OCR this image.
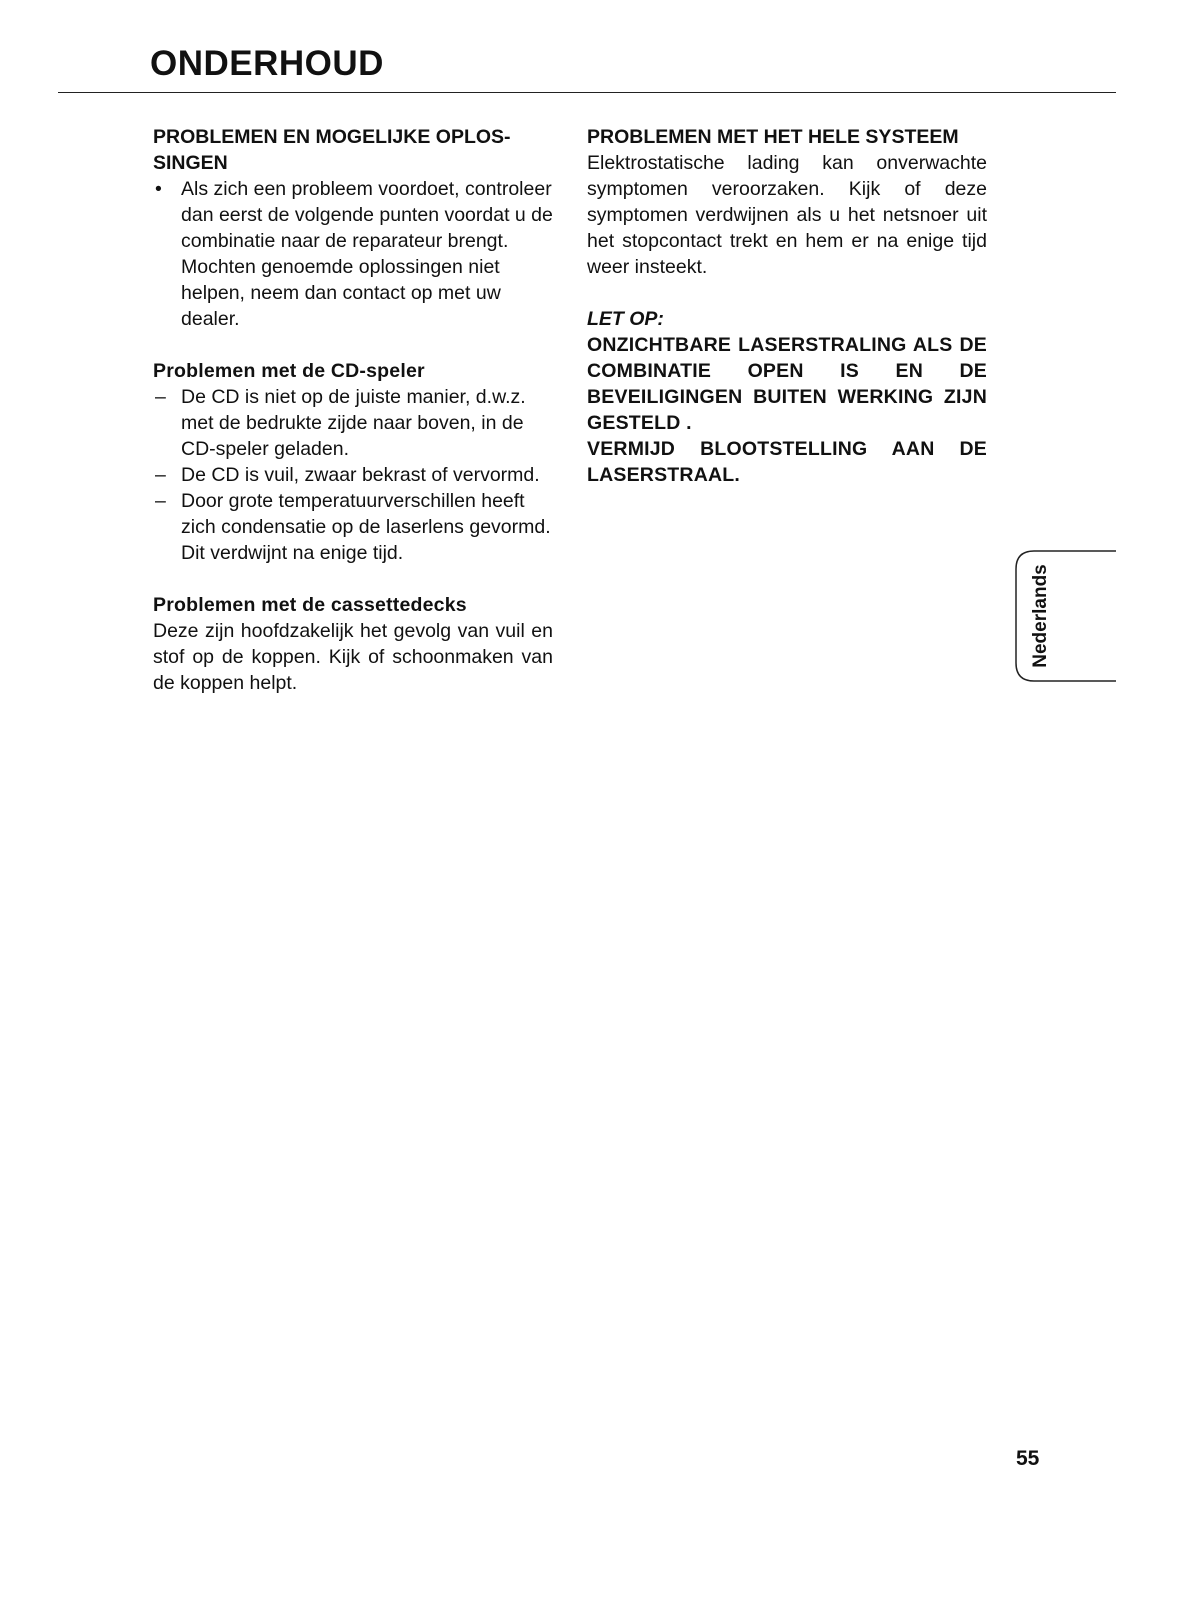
ONDERHOUD

PROBLEMEN EN MOGELIJKE OPLOS-
SINGEN

• Als zich een probleem voordoet, controleer dan eerst de volgende punten voordat u de combinatie naar de reparateur brengt. Mochten genoemde oplossingen niet helpen, neem dan contact op met uw dealer.

Problemen met de CD-speler

– De CD is niet op de juiste manier, d.w.z. met de bedrukte zijde naar boven, in de CD-speler geladen.
– De CD is vuil, zwaar bekrast of vervormd.
– Door grote temperatuurverschillen heeft zich condensatie op de laserlens gevormd. Dit verdwijnt na enige tijd.

Problemen met de cassettedecks

Deze zijn hoofdzakelijk het gevolg van vuil en stof op de koppen. Kijk of schoonmaken van de koppen helpt.

PROBLEMEN MET HET HELE SYSTEEM

Elektrostatische lading kan onverwachte symptomen veroorzaken. Kijk of deze symptomen verdwijnen als u het netsnoer uit het stopcontact trekt en hem er na enige tijd weer insteekt.

LET OP:

ONZICHTBARE LASERSTRALING ALS DE COMBINATIE OPEN IS EN DE BEVEILIGINGEN BUITEN WERKING ZIJN GESTELD .

VERMIJD BLOOTSTELLING AAN DE LASERSTRAAL.

Nederlands
55
